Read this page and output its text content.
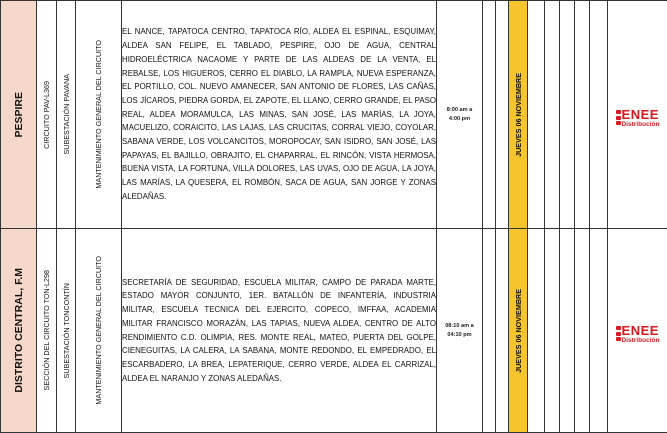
PESPIRE	CIRCUITO PAV-L369	SUBESTACIÓN PAVANA	MANTENIMIENTO GENERAL DEL CIRCUITO	EL NANCE, TAPATOCA CENTRO, TAPATOCA RÍO, ALDEA EL ESPINAL, ESQUIMAY, ALDEA SAN FELIPE, EL TABLADO, PESPIRE, OJO DE AGUA, CENTRAL HIDROELÉCTRICA NACAOME Y PARTE DE LAS ALDEAS DE LA VENTA, EL REBALSE, LOS HIGUEROS, CERRO EL DIABLO, LA RAMPLA, NUEVA ESPERANZA, EL PORTILLO, COL. NUEVO AMANECER, SAN ANTONIO DE FLORES, LAS CAÑAS, LOS JÍCAROS, PIEDRA GORDA, EL ZAPOTE, EL LLANO, CERRO GRANDE, EL PASO REAL, ALDEA MORAMULCA, LAS MINAS, SAN JOSÉ, LAS MARÍAS, LA JOYA, MACUELIZO, CORAICITO, LAS LAJAS, LAS CRUCITAS, CORRAL VIEJO, COYOLAR, SABANA VERDE, LOS VOLCANCITOS, MOROPOCAY, SAN ISIDRO, SAN JOSÉ, LAS PAPAYAS, EL BAJILLO, OBRAJITO, EL CHAPARRAL, EL RINCÓN, VISTA HERMOSA, BUENA VISTA, LA FORTUNA, VILLA DOLORES, LAS UVAS, OJO DE AGUA, LA JOYA, LAS MARÍAS, LA QUESERA, EL ROMBÓN, SACA DE AGUA, SAN JORGE Y ZONAS ALEDAÑAS.	8:00 am a
4:00 pm			JUEVES 06 NOVIEMBRE						ENEE
Distribución

DISTRITO CENTRAL, F.M	SECCIÓN DEL CIRCUITO TON-L298	SUBESTACIÓN TONCONTÍN	MANTENIMIENTO GENERAL DEL CIRCUITO	SECRETARÍA DE SEGURIDAD, ESCUELA MILITAR, CAMPO DE PARADA MARTE, ESTADO MAYOR CONJUNTO, 1ER. BATALLÓN DE INFANTERÍA, INDUSTRIA MILITAR, ESCUELA TECNICA DEL EJERCITO, COPECO, IMFFAA, ACADEMIA MILITAR FRANCISCO MORAZÁN, LAS TAPIAS, NUEVA ALDEA, CENTRO DE ALTO RENDIMIENTO C.D. OLIMPIA, RES. MONTE REAL, MATEO, PUERTA DEL GOLPE, CIENEGUITAS, LA CALERA, LA SABANA, MONTE REDONDO, EL EMPEDRADO, EL ESCARBADERO, LA BREA, LEPATERIQUE, CERRO VERDE, ALDEA EL CARRIZAL, ALDEA EL NARANJO Y ZONAS ALEDAÑAS.	08:10 am a
04:10 pm			JUEVES 06 NOVIEMBRE						ENEE
Distribución
